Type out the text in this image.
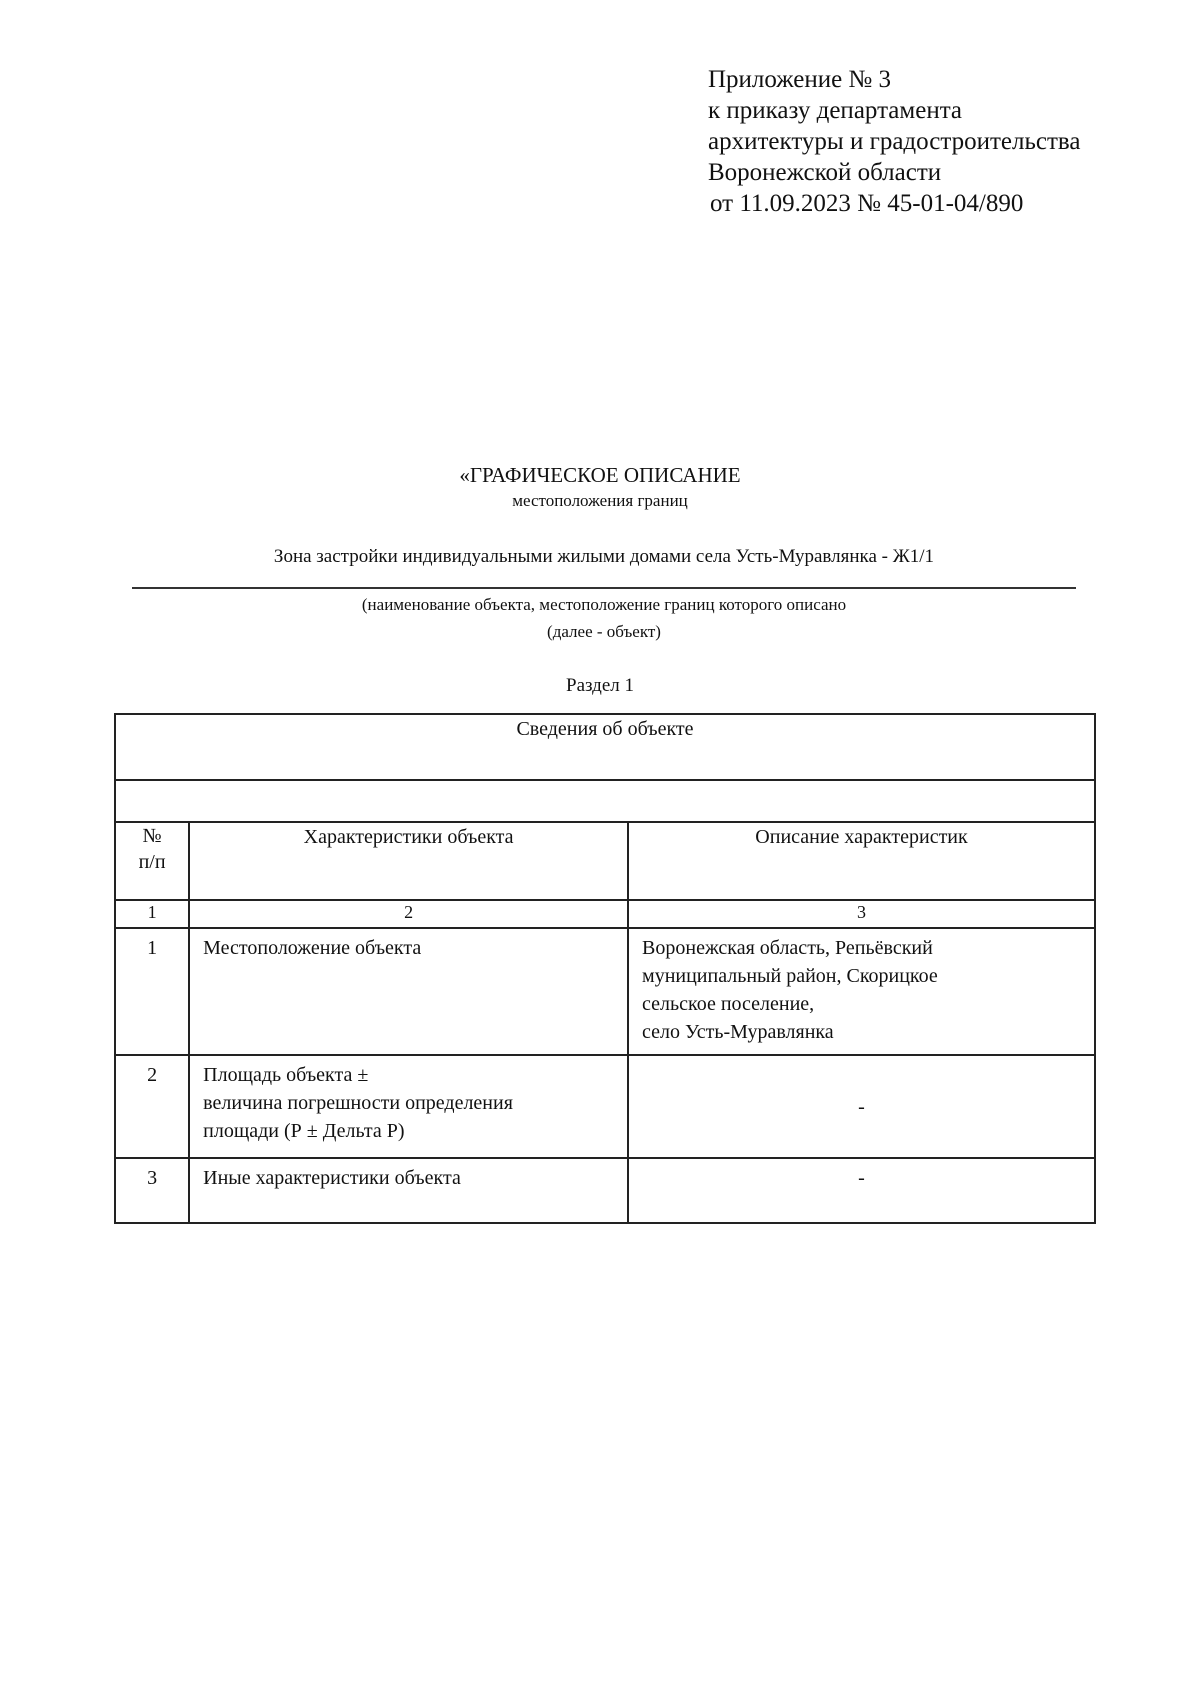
Приложение № 3
к приказу департамента
архитектуры и градостроительства
Воронежской области
от 11.09.2023 № 45-01-04/890
«ГРАФИЧЕСКОЕ ОПИСАНИЕ
местоположения границ
Зона застройки индивидуальными жилыми домами села Усть-Муравлянка - Ж1/1
(наименование объекта, местоположение границ которого описано
(далее - объект)
Раздел 1
Сведения об объекте		

№
п/п	Характеристики объекта	Описание характеристик
1	2	3
1	Местоположение объекта	Воронежская область, Репьёвский
муниципальный район, Скорицкое
сельское поселение,
село Усть-Муравлянка

2	Площадь объекта ±
величина погрешности определения
площади (Р ± Дельта Р)	-
3	Иные характеристики объекта	-
